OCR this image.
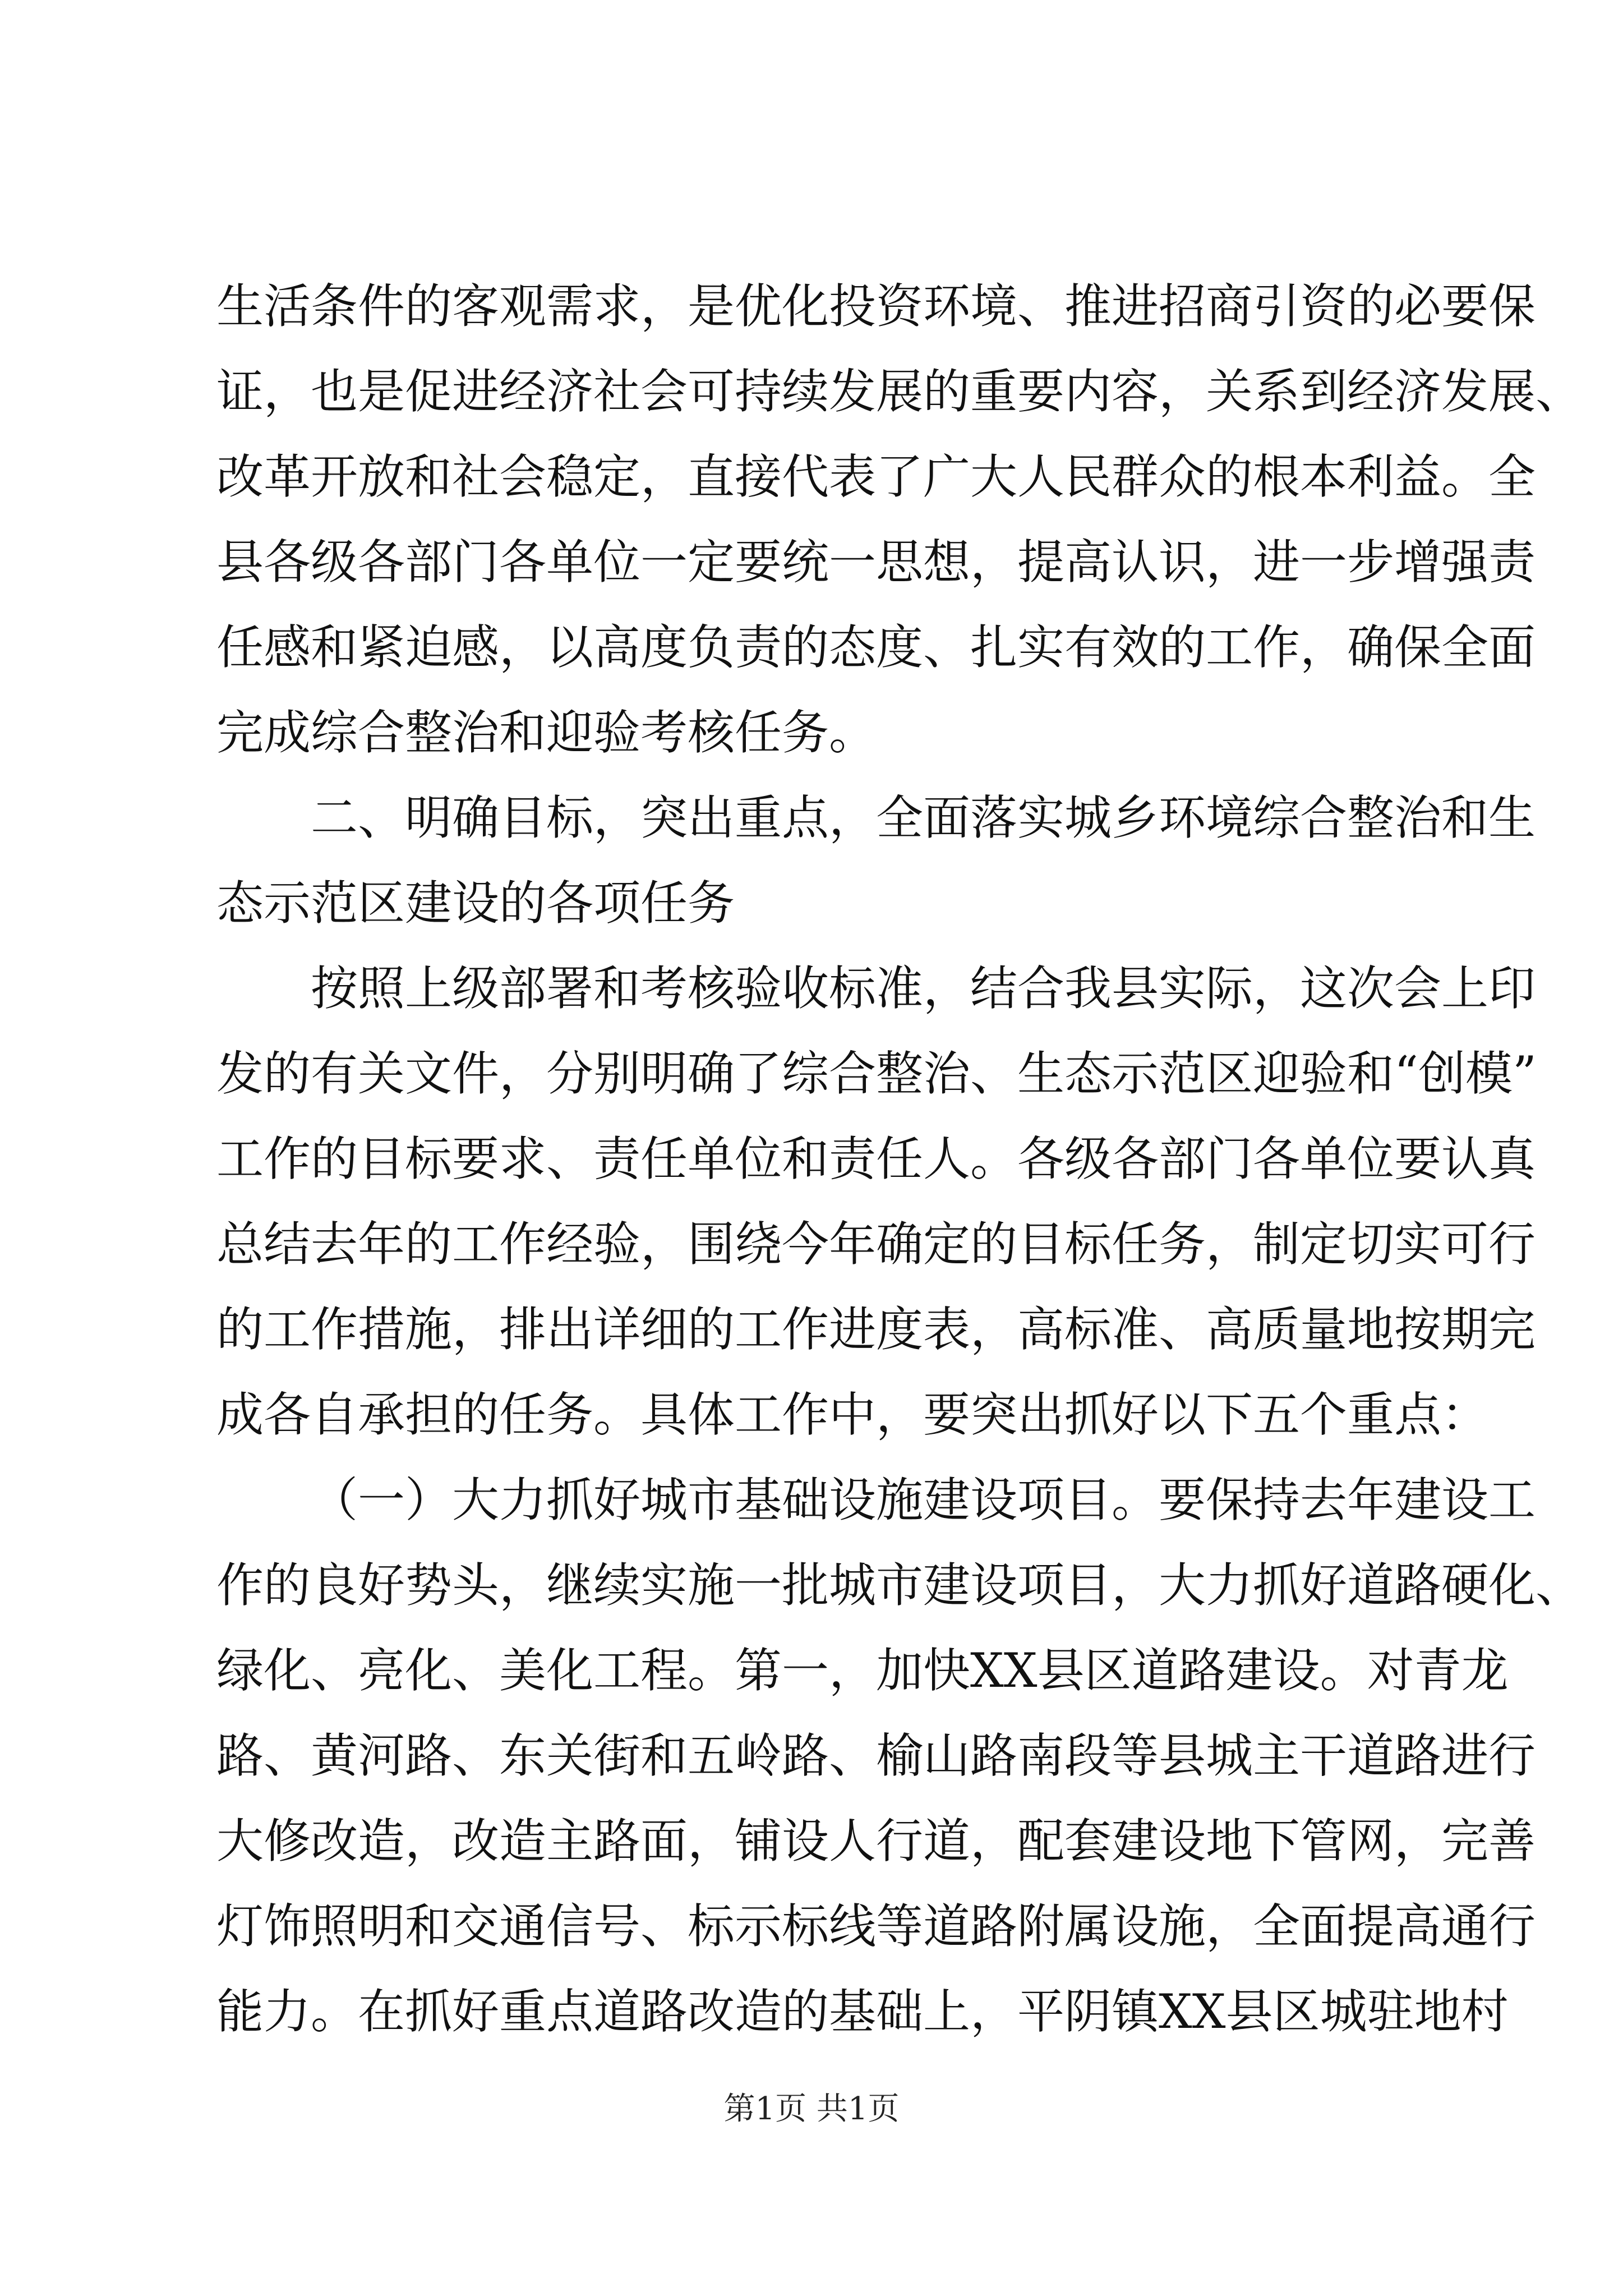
生活条件的客观需求，是优化投资环境、推进招商引资的必要保
证，也是促进经济社会可持续发展的重要内容，关系到经济发展、
改革开放和社会稳定，直接代表了广大人民群众的根本利益。全
县各级各部门各单位一定要统一思想，提高认识，进一步增强责
任感和紧迫感，以高度负责的态度、扎实有效的工作，确保全面
完成综合整治和迎验考核任务。
二、明确目标，突出重点，全面落实城乡环境综合整治和生
态示范区建设的各项任务
按照上级部署和考核验收标准，结合我县实际，这次会上印
发的有关文件，分别明确了综合整治、生态示范区迎验和“创模”
工作的目标要求、责任单位和责任人。各级各部门各单位要认真
总结去年的工作经验，围绕今年确定的目标任务，制定切实可行
的工作措施，排出详细的工作进度表，高标准、高质量地按期完
成各自承担的任务。具体工作中，要突出抓好以下五个重点：
（一）大力抓好城市基础设施建设项目。要保持去年建设工
作的良好势头，继续实施一批城市建设项目，大力抓好道路硬化、
绿化、亮化、美化工程。第一，加快XX县区道路建设。对青龙
路、黄河路、东关街和五岭路、榆山路南段等县城主干道路进行
大修改造，改造主路面，铺设人行道，配套建设地下管网，完善
灯饰照明和交通信号、标示标线等道路附属设施，全面提高通行
能力。在抓好重点道路改造的基础上，平阴镇XX县区城驻地村
第1页 共1页
